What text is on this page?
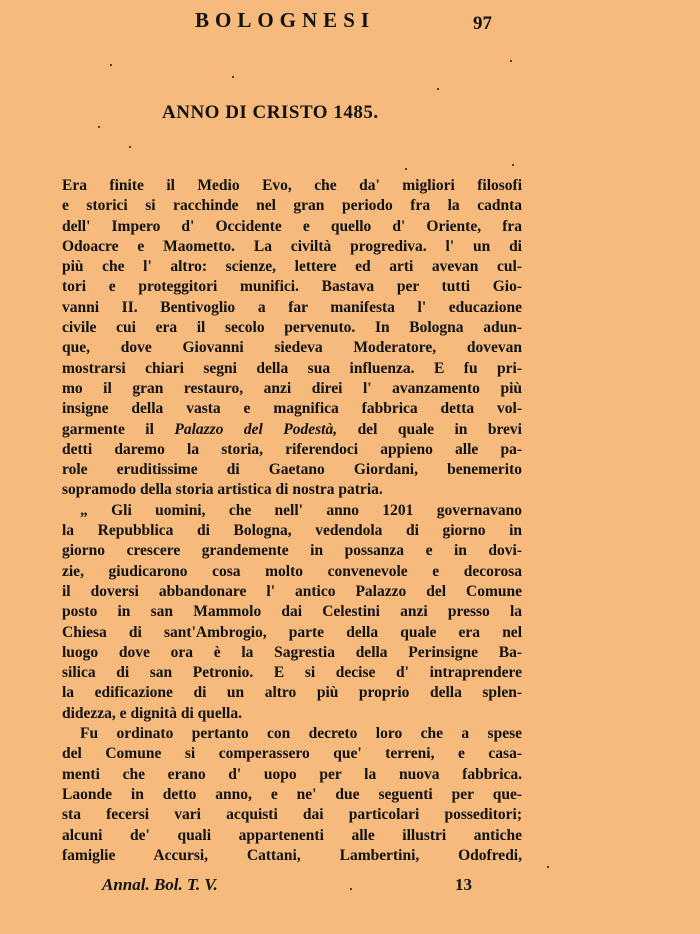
BOLOGNESI	97
ANNO DI CRISTO 1485.
Era finite il Medio Evo, che da' migliori filosofi
e storici si racchinde nel gran periodo fra la cadnta
dell' Impero d' Occidente e quello d' Oriente, fra
Odoacre e Maometto. La civiltà progrediva. l' un di
più che l' altro: scienze, lettere ed arti avevan cul-
tori e proteggitori munifici. Bastava per tutti Gio-
vanni II. Bentivoglio a far manifesta l' educazione
civile cui era il secolo pervenuto. In Bologna adun-
que, dove Giovanni siedeva Moderatore, dovevan
mostrarsi chiari segni della sua influenza. E fu pri-
mo il gran restauro, anzi direi l' avanzamento più
insigne della vasta e magnifica fabbrica detta vol-
garmente il Palazzo del Podestà, del quale in brevi
detti daremo la storia, riferendoci appieno alle pa-
role eruditissime di Gaetano Giordani, benemerito
sopramodo della storia artistica di nostra patria.
„ Gli uomini, che nell' anno 1201 governavano
la Repubblica di Bologna, vedendola di giorno in
giorno crescere grandemente in possanza e in dovi-
zie, giudicarono cosa molto convenevole e decorosa
il doversi abbandonare l' antico Palazzo del Comune
posto in san Mammolo dai Celestini anzi presso la
Chiesa di sant'Ambrogio, parte della quale era nel
luogo dove ora è la Sagrestia della Perinsigne Ba-
silica di san Petronio. E si decise d' intraprendere
la edificazione di un altro più proprio della splen-
didezza, e dignità di quella.
Fu ordinato pertanto con decreto loro che a spese
del Comune si comperassero que' terreni, e casa-
menti che erano d' uopo per la nuova fabbrica.
Laonde in detto anno, e ne' due seguenti per que-
sta fecersi vari acquisti dai particolari posseditori;
alcuni de' quali appartenenti alle illustri antiche
famiglie Accursi, Cattani, Lambertini, Odofredi,
Annal. Bol. T. V.	13
